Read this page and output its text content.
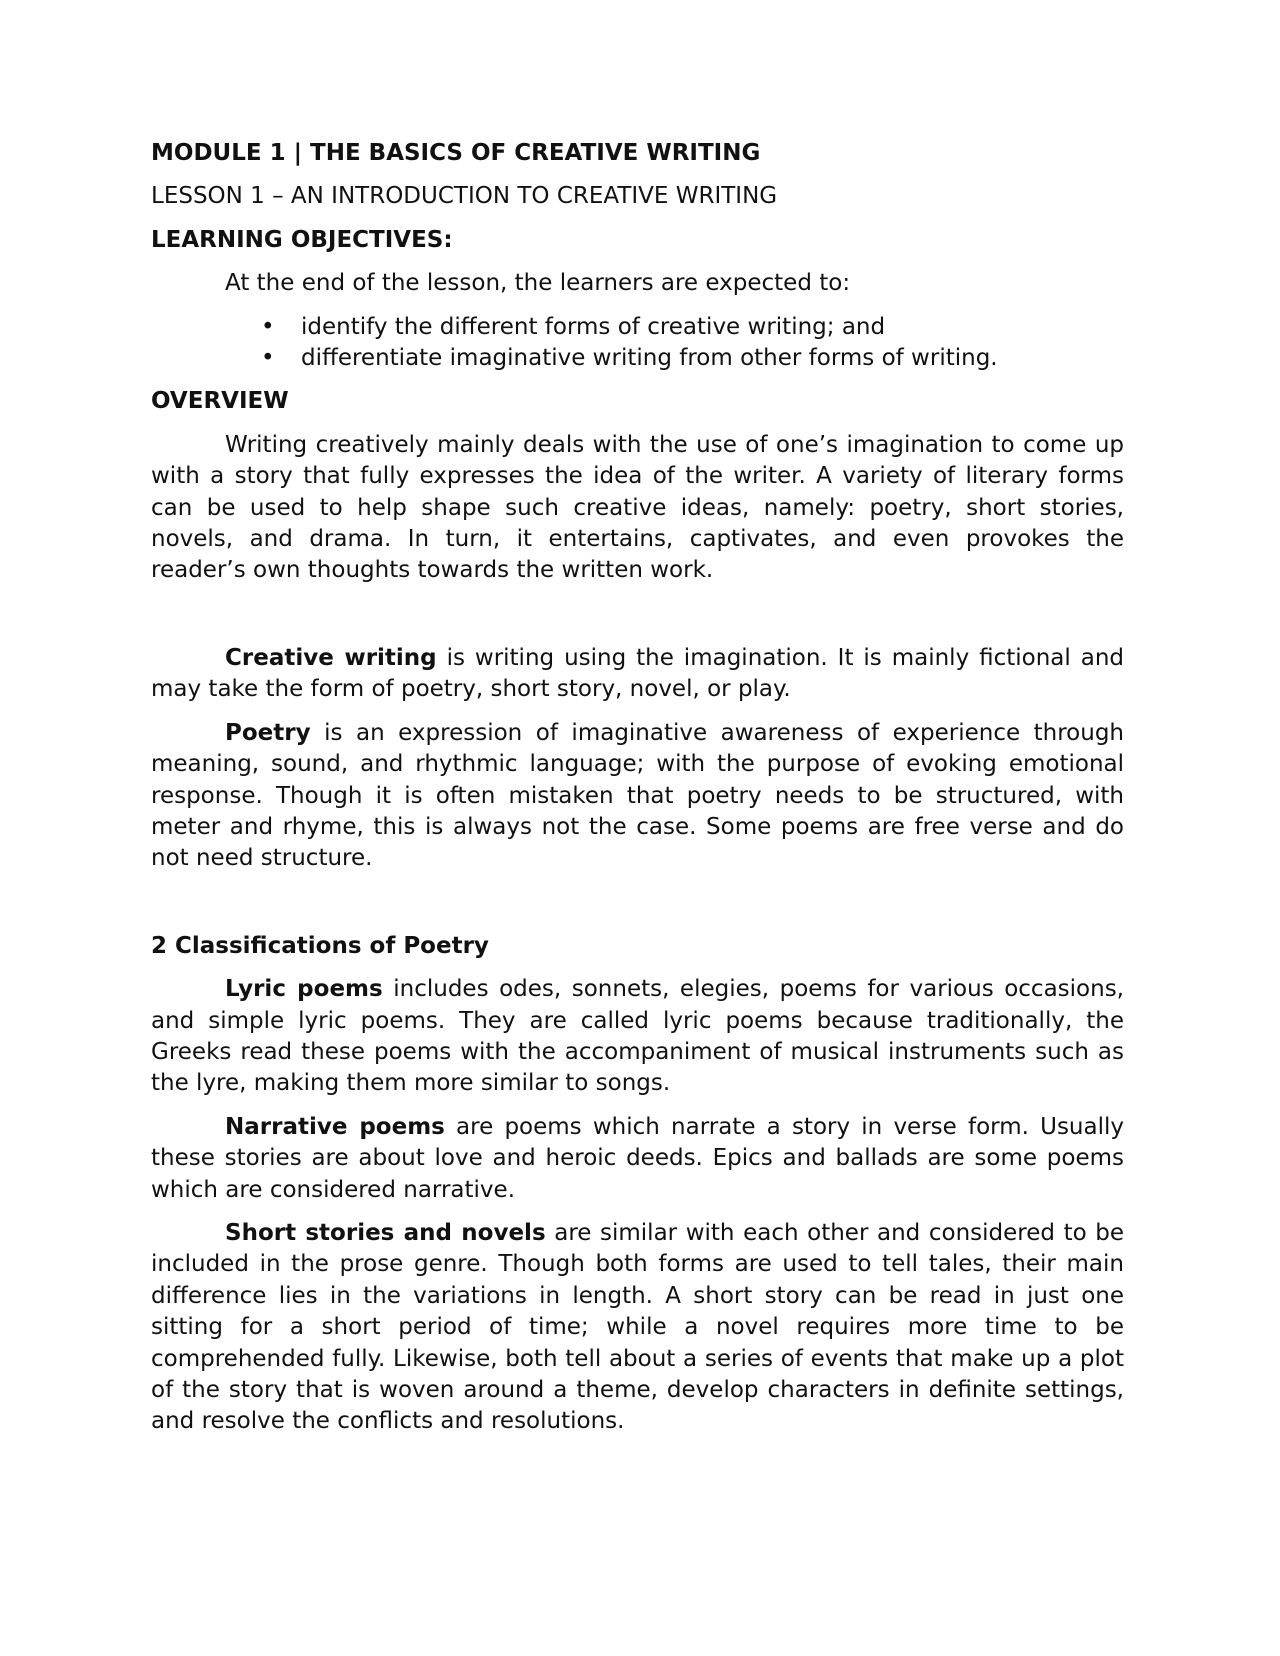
MODULE 1 | THE BASICS OF CREATIVE WRITING
LESSON 1 – AN INTRODUCTION TO CREATIVE WRITING
LEARNING OBJECTIVES:
At the end of the lesson, the learners are expected to:
• identify the different forms of creative writing; and
• differentiate imaginative writing from other forms of writing.
OVERVIEW

Writing creatively mainly deals with the use of one’s imagination to come up with a story that fully expresses the idea of the writer. A variety of literary forms can be used to help shape such creative ideas, namely: poetry, short stories, novels, and drama. In turn, it entertains, captivates, and even provokes the reader’s own thoughts towards the written work.

Creative writing is writing using the imagination. It is mainly fictional and may take the form of poetry, short story, novel, or play.

Poetry is an expression of imaginative awareness of experience through meaning, sound, and rhythmic language; with the purpose of evoking emotional response. Though it is often mistaken that poetry needs to be structured, with meter and rhyme, this is always not the case. Some poems are free verse and do not need structure.

2 Classifications of Poetry

Lyric poems includes odes, sonnets, elegies, poems for various occasions, and simple lyric poems. They are called lyric poems because traditionally, the Greeks read these poems with the accompaniment of musical instruments such as the lyre, making them more similar to songs.

Narrative poems are poems which narrate a story in verse form. Usually these stories are about love and heroic deeds. Epics and ballads are some poems which are considered narrative.

Short stories and novels are similar with each other and considered to be included in the prose genre. Though both forms are used to tell tales, their main difference lies in the variations in length. A short story can be read in just one sitting for a short period of time; while a novel requires more time to be comprehended fully. Likewise, both tell about a series of events that make up a plot of the story that is woven around a theme, develop characters in definite settings, and resolve the conflicts and resolutions.
